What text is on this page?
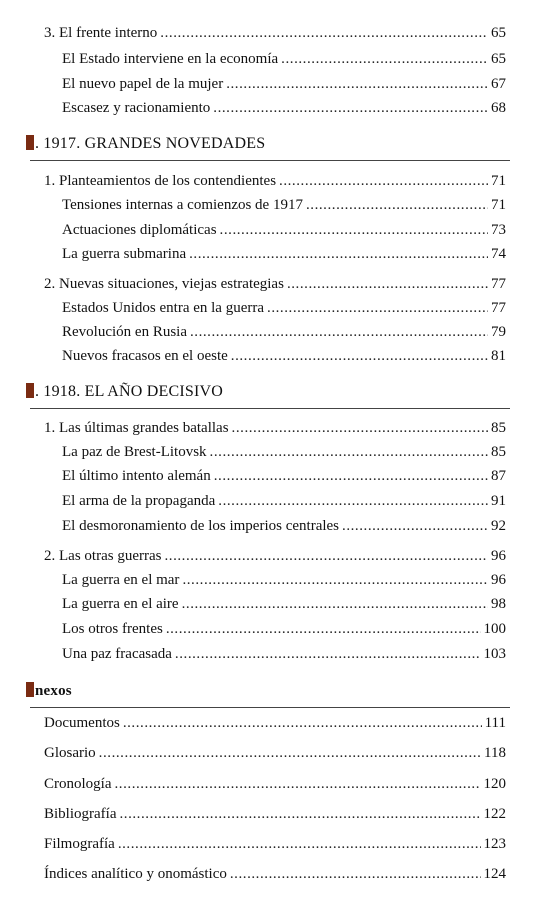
3. El frente interno . . .	65
El Estado interviene en la economía . . .	65
El nuevo papel de la mujer . . .	67
Escasez y racionamiento . . .	68
. 1917. GRANDES NOVEDADES
1. Planteamientos de los contendientes . . .	71
Tensiones internas a comienzos de 1917 . . .	71
Actuaciones diplomáticas . . .	73
La guerra submarina . . .	74
2. Nuevas situaciones, viejas estrategias . . .	77
Estados Unidos entra en la guerra . . .	77
Revolución en Rusia . . .	79
Nuevos fracasos en el oeste . . .	81
. 1918. EL AÑO DECISIVO
1. Las últimas grandes batallas . . .	85
La paz de Brest-Litovsk . . .	85
El último intento alemán . . .	87
El arma de la propaganda . . .	91
El desmoronamiento de los imperios centrales . . .	92
2. Las otras guerras . . .	96
La guerra en el mar . . .	96
La guerra en el aire . . .	98
Los otros frentes . . .	100
Una paz fracasada . . .	103
nexos
Documentos . . .	111
Glosario . . .	118
Cronología . . .	120
Bibliografía . . .	122
Filmografía . . .	123
Índices analítico y onomástico . . .	124
